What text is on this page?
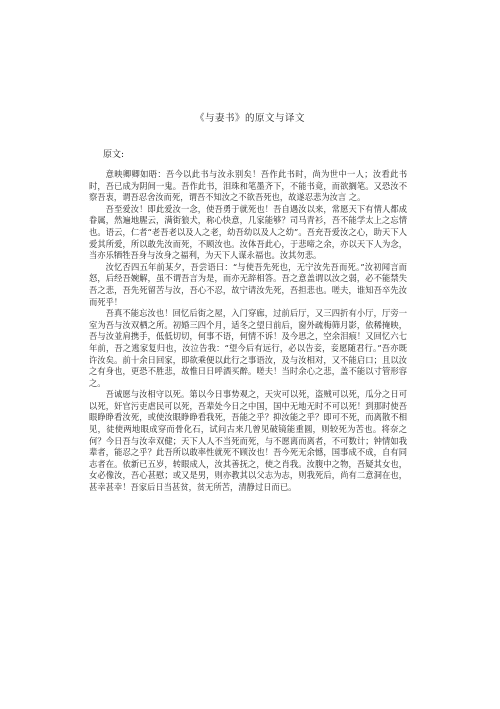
《与妻书》的原文与译文
原文:

意映卿卿如晤：吾今以此书与汝永别矣！吾作此书时，尚为世中一人；汝看此书时，吾已成为阴间一鬼。吾作此书，泪珠和笔墨齐下，不能书竟，而欲搁笔。又恐汝不察吾衷，谓吾忍舍汝而死，谓吾不知汝之不欲吾死也，故遂忍悲为汝言 之。

吾至爱汝！即此爱汝一念，使吾勇于就死也！吾自遇汝以来，常愿天下有情人都成眷属，然遍地腥云，满街狼犬，称心快意，几家能够？司马青衫，吾不能学太上之忘情也。语云，仁者“老吾老以及人之老，幼吾幼以及人之幼”。吾充吾爱汝之心，助天下人爱其所爱，所以敢先汝而死，不顾汝也。汝体吾此心，于悲啼之余，亦以天下人为念，当亦乐牺牲吾身与汝身之福利，为天下人谋永福也。汝其勿悲。

汝忆否四五年前某夕，吾尝语曰：“与使吾先死也，无宁汝先吾而死。”汝初闻言而怒，后经吾婉解，虽不谓吾言为是，而亦无辞相答。吾之意盖谓以汝之弱，必不能禁失吾之悲，吾先死留苦与汝，吾心不忍，故宁请汝先死，吾担悲也。嗟夫，谁知吾卒先汝而死乎！

吾真不能忘汝也！回忆后街之屋，入门穿廊，过前后厅，又三四折有小厅，厅旁一室为吾与汝双栖之所。初婚三四个月，适冬之望日前后，窗外疏梅筛月影，依稀掩映，吾与汝並肩携手，低低切切，何事不语，何情不诉！及今思之，空余泪痕！又回忆六七年前，吾之逃家复归也，汝泣告我：“望今后有远行，必以告妾，妾愿随君行。”吾亦既许汝矣。前十余日回家，即欲乘便以此行之事语汝，及与汝相对，又不能启口；且以汝之有身也，更恐不胜悲，故惟日日呼酒买醉。嗟夫！当时余心之悲，盖不能以寸管形容之。

吾诚愿与汝相守以死。第以今日事势观之，天灾可以死，盗贼可以死，瓜分之日可以死，奸官污吏虐民可以死，吾辈处今日之中国，国中无地无时不可以死！到那时使吾眼睁睁看汝死，或使汝眼睁睁看我死，吾能之乎？抑汝能之乎？即可不死，而离散不相见，徒使两地眼成穿而骨化石，试问古来几曾见破镜能重圆，则较死为苦也。将奈之何？今日吾与汝幸双健；天下人人不当死而死，与不愿离而离者，不可数计；钟情如我辈者，能忍之乎？此吾所以敢率性就死不顾汝也！吾今死无余憾，国事成不成，自有同志者在。依新已五岁，转眼成人，汝其善抚之，使之肖我。汝腹中之物，吾疑其女也，女必像汝，吾心甚慰；或又是男，则亦教其以父志为志，则我死后，尚有二意洞在也，甚幸甚幸！吾家后日当甚贫，贫无所苦，清静过日而已。
